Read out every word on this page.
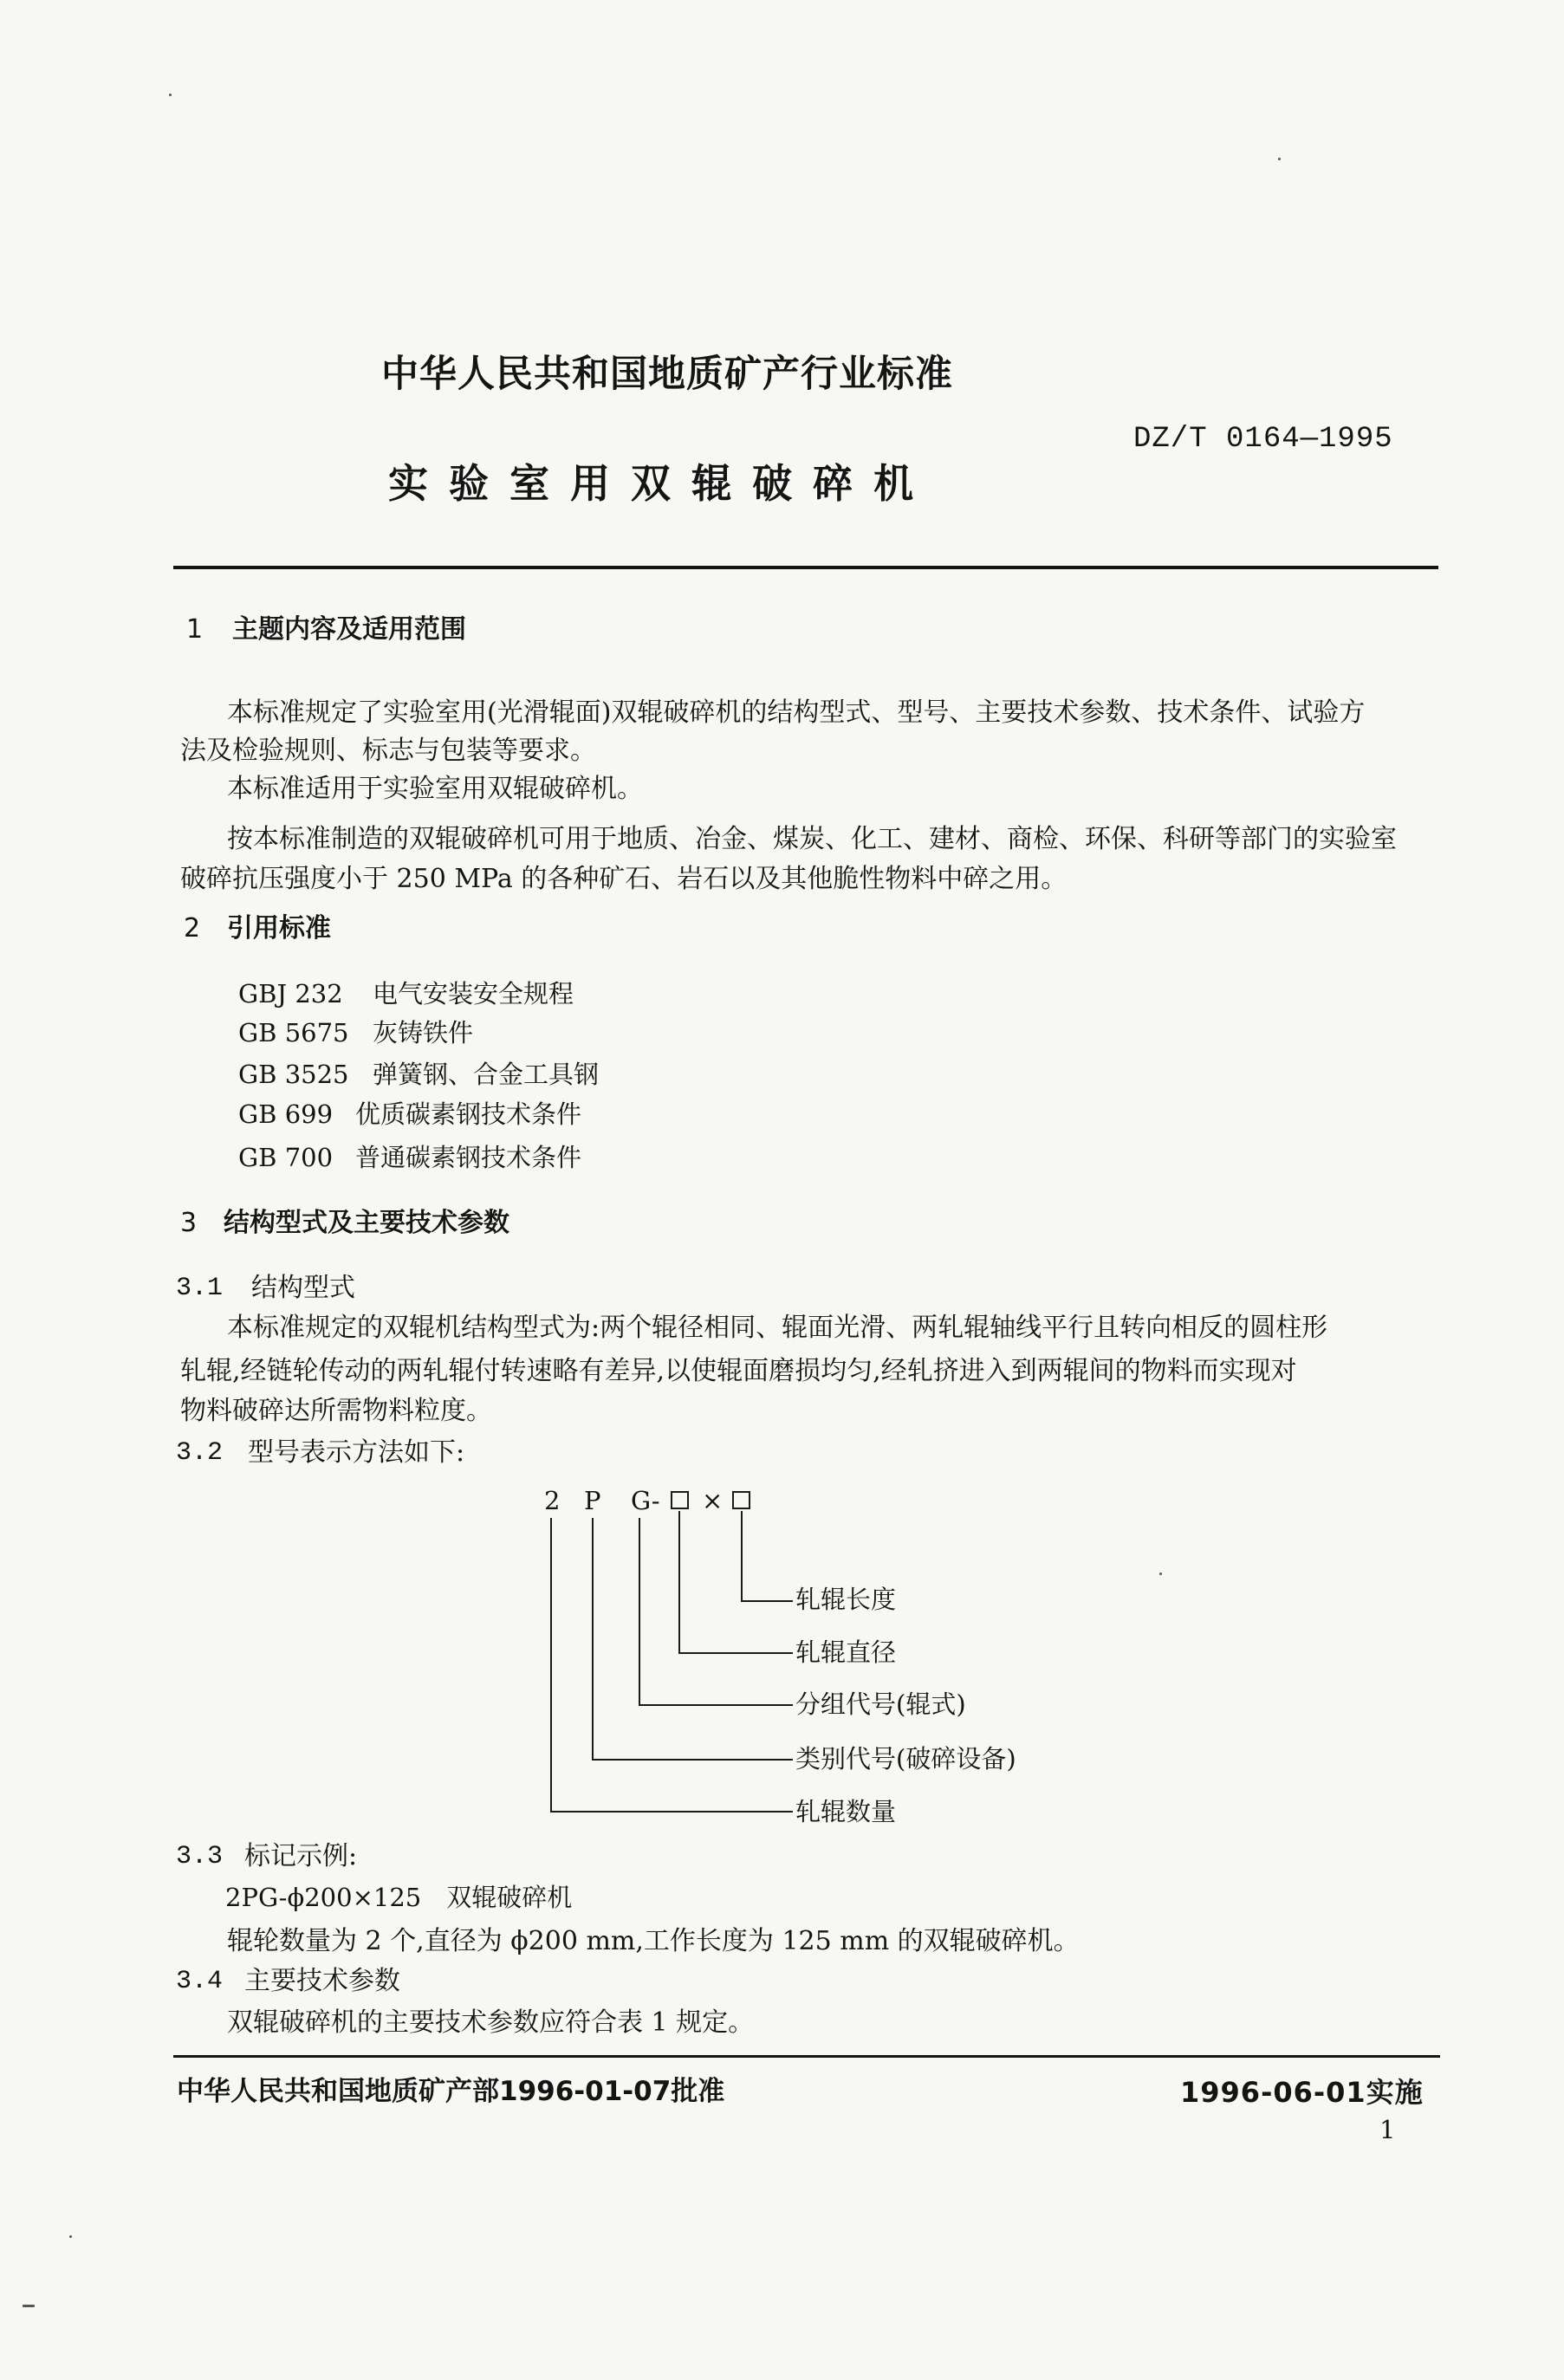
中华人民共和国地质矿产行业标准
实 验 室 用 双 辊 破 碎 机
DZ/T 0164—1995
1 主题内容及适用范围
本标准规定了实验室用(光滑辊面)双辊破碎机的结构型式、型号、主要技术参数、技术条件、试验方
法及检验规则、标志与包装等要求。
本标准适用于实验室用双辊破碎机。
按本标准制造的双辊破碎机可用于地质、冶金、煤炭、化工、建材、商检、环保、科研等部门的实验室
破碎抗压强度小于 250 MPa 的各种矿石、岩石以及其他脆性物料中碎之用。
2 引用标准
GBJ 232 电气安装安全规程
GB 5675 灰铸铁件
GB 3525 弹簧钢、合金工具钢
GB 699 优质碳素钢技术条件
GB 700 普通碳素钢技术条件
3 结构型式及主要技术参数
3.1 结构型式
本标准规定的双辊机结构型式为:两个辊径相同、辊面光滑、两轧辊轴线平行且转向相反的圆柱形
轧辊,经链轮传动的两轧辊付转速略有差异,以使辊面磨损均匀,经轧挤进入到两辊间的物料而实现对
物料破碎达所需物料粒度。
3.2 型号表示方法如下:
2 P G- ×
轧辊长度
轧辊直径
分组代号(辊式)
类别代号(破碎设备)
轧辊数量
3.3 标记示例:
2PG-ϕ200×125　双辊破碎机
辊轮数量为 2 个,直径为 ϕ200 mm,工作长度为 125 mm 的双辊破碎机。
3.4 主要技术参数
双辊破碎机的主要技术参数应符合表 1 规定。
中华人民共和国地质矿产部1996-01-07批准	1996-06-01实施
1
